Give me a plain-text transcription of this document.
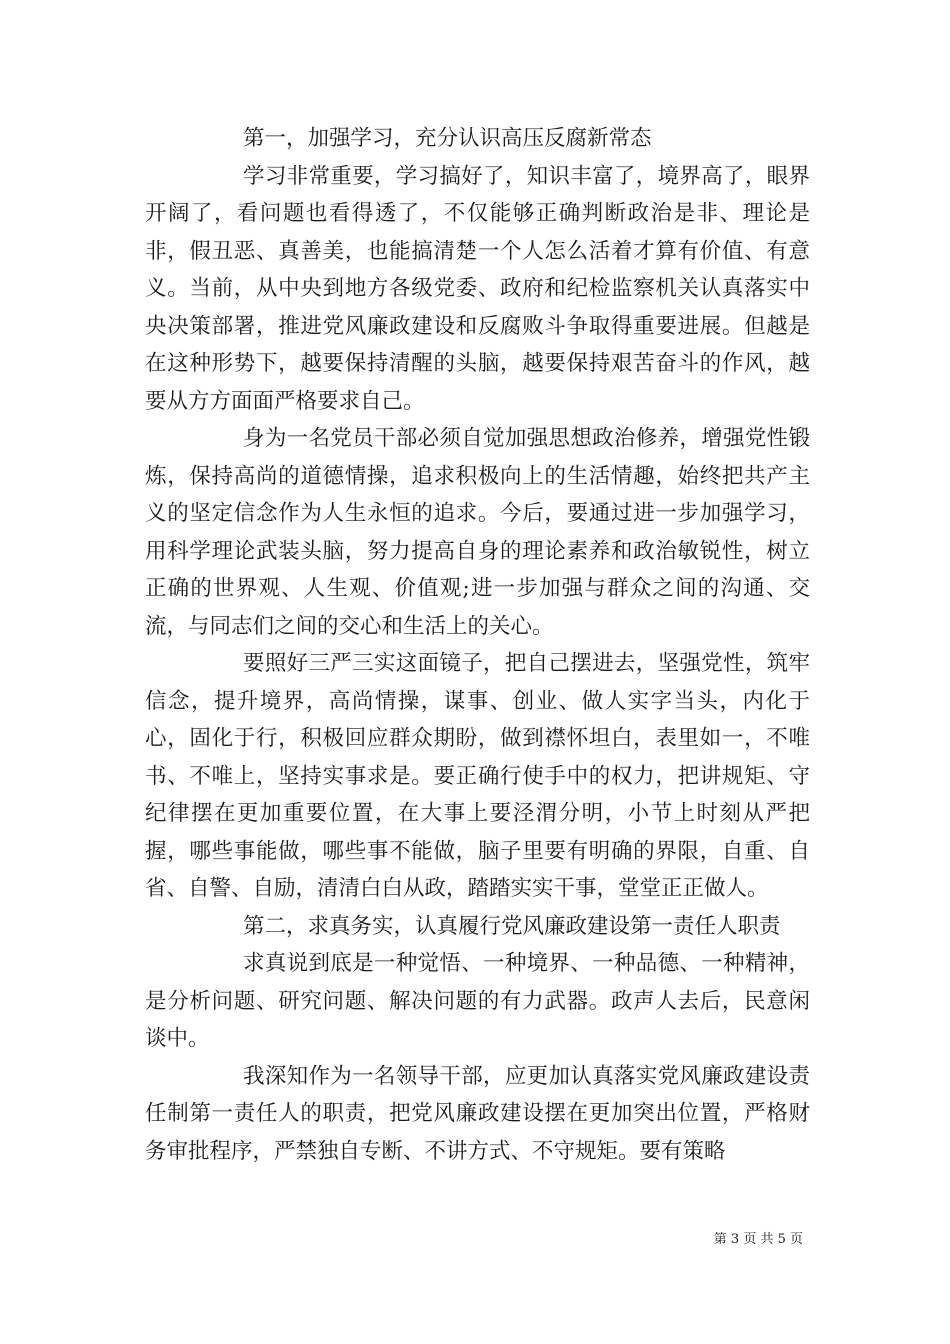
第一，加强学习，充分认识高压反腐新常态

学习非常重要，学习搞好了，知识丰富了，境界高了，眼界开阔了，看问题也看得透了，不仅能够正确判断政治是非、理论是非，假丑恶、真善美，也能搞清楚一个人怎么活着才算有价值、有意义。当前，从中央到地方各级党委、政府和纪检监察机关认真落实中央决策部署，推进党风廉政建设和反腐败斗争取得重要进展。但越是在这种形势下，越要保持清醒的头脑，越要保持艰苦奋斗的作风，越要从方方面面严格要求自己。

身为一名党员干部必须自觉加强思想政治修养，增强党性锻炼，保持高尚的道德情操，追求积极向上的生活情趣，始终把共产主义的坚定信念作为人生永恒的追求。今后，要通过进一步加强学习，用科学理论武装头脑，努力提高自身的理论素养和政治敏锐性，树立正确的世界观、人生观、价值观;进一步加强与群众之间的沟通、交流，与同志们之间的交心和生活上的关心。

要照好三严三实这面镜子，把自己摆进去，坚强党性，筑牢信念，提升境界，高尚情操，谋事、创业、做人实字当头，内化于心，固化于行，积极回应群众期盼，做到襟怀坦白，表里如一，不唯书、不唯上，坚持实事求是。要正确行使手中的权力，把讲规矩、守纪律摆在更加重要位置，在大事上要泾渭分明，小节上时刻从严把握，哪些事能做，哪些事不能做，脑子里要有明确的界限，自重、自省、自警、自励，清清白白从政，踏踏实实干事，堂堂正正做人。

第二，求真务实，认真履行党风廉政建设第一责任人职责

求真说到底是一种觉悟、一种境界、一种品德、一种精神，是分析问题、研究问题、解决问题的有力武器。政声人去后，民意闲谈中。

我深知作为一名领导干部，应更加认真落实党风廉政建设责任制第一责任人的职责，把党风廉政建设摆在更加突出位置，严格财务审批程序，严禁独自专断、不讲方式、不守规矩。要有策略

第 3 页 共 5 页
